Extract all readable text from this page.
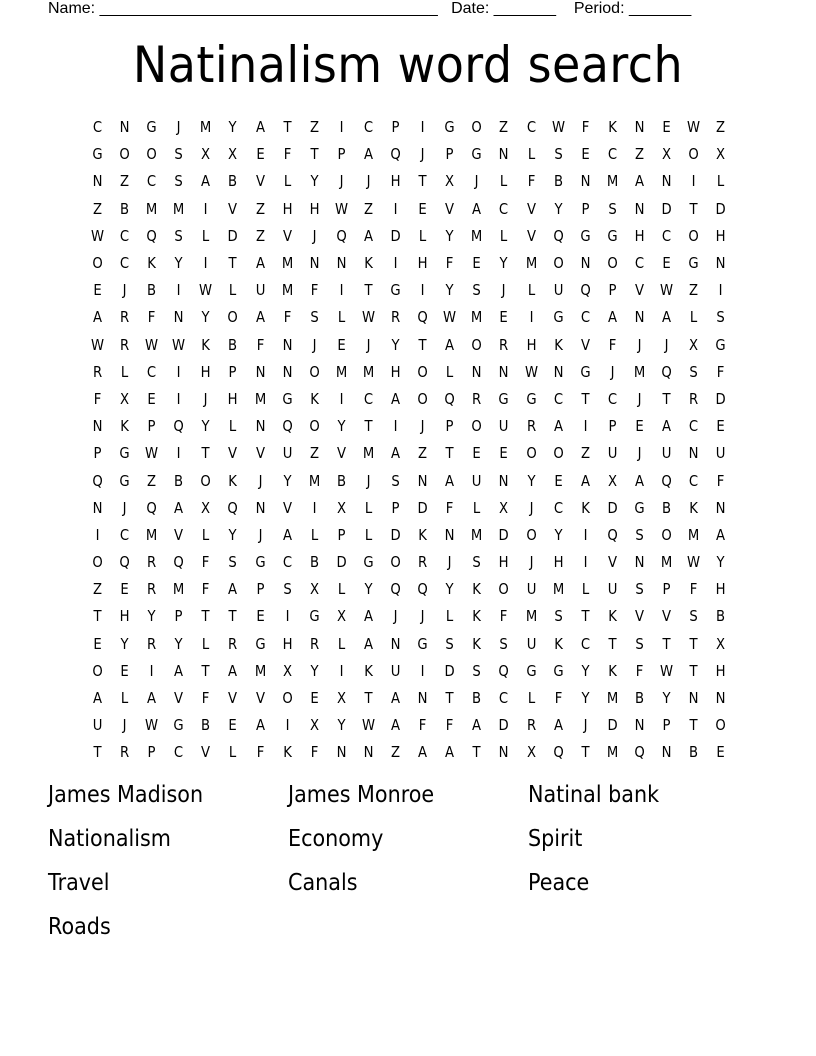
Name: ______________________________________ Date: _______ Period: _______
Natinalism word search
C	N	G	J	M	Y	A	T	Z	I	C	P	I	G	O	Z	C	W	F	K	N	E	W	Z
G	O	O	S	X	X	E	F	T	P	A	Q	J	P	G	N	L	S	E	C	Z	X	O	X
N	Z	C	S	A	B	V	L	Y	J	J	H	T	X	J	L	F	B	N	M	A	N	I	L
Z	B	M	M	I	V	Z	H	H	W	Z	I	E	V	A	C	V	Y	P	S	N	D	T	D
W	C	Q	S	L	D	Z	V	J	Q	A	D	L	Y	M	L	V	Q	G	G	H	C	O	H
O	C	K	Y	I	T	A	M	N	N	K	I	H	F	E	Y	M	O	N	O	C	E	G	N
E	J	B	I	W	L	U	M	F	I	T	G	I	Y	S	J	L	U	Q	P	V	W	Z	I
A	R	F	N	Y	O	A	F	S	L	W	R	Q	W M	E	I	G	C	A	N	A	L	S
W	R	W W	K	B	F	N	J	E	J	Y	T	A	O	R	H	K	V	F	J	J	X	G
R	L	C	I	H	P	N	N	O	M	M	H	O	L	N	N	W	N	G	J	M	Q	S	F
F	X	E	I	J	H	M	G	K	I	C	A	O	Q	R	G	G	C	T	C	J	T	R	D
N	K	P	Q	Y	L	N	Q	O	Y	T	I	J	P	O	U	R	A	I	P	E	A	C	E
P	G	W	I	T	V	V	U	Z	V	M	A	Z	T	E	E	O	O	Z	U	J	U	N	U
Q	G	Z	B	O	K	J	Y	M	B	J	S	N	A	U	N	Y	E	A	X	A	Q	C	F
N	J	Q	A	X	Q	N	V	I	X	L	P	D	F	L	X	J	C	K	D	G	B	K	N
I	C	M	V	L	Y	J	A	L	P	L	D	K	N	M	D	O	Y	I	Q	S	O	M	A
O	Q	R	Q	F	S	G	C	B	D	G	O	R	J	S	H	J	H	I	V	N	M W	Y
Z	E	R	M	F	A	P	S	X	L	Y	Q	Q	Y	K	O	U	M	L	U	S	P	F	H
T	H	Y	P	T	T	E	I	G	X	A	J	J	L	K	F	M	S	T	K	V	V	S	B
E	Y	R	Y	L	R	G	H	R	L	A	N	G	S	K	S	U	K	C	T	S	T	T	X
O	E	I	A	T	A	M	X	Y	I	K	U	I	D	S	Q	G	G	Y	K	F	W	T	H
A	L	A	V	F	V	V	O	E	X	T	A	N	T	B	C	L	F	Y	M	B	Y	N	N
U	J	W	G	B	E	A	I	X	Y	W	A	F	F	A	D	R	A	J	D	N	P	T	O
T	R	P	C	V	L	F	K	F	N	N	Z	A	A	T	N	X	Q	T	M	Q	N	B	E
James Madison	James Monroe	Natinal bank
Nationalism	Economy	Spirit
Travel	Canals	Peace
Roads
